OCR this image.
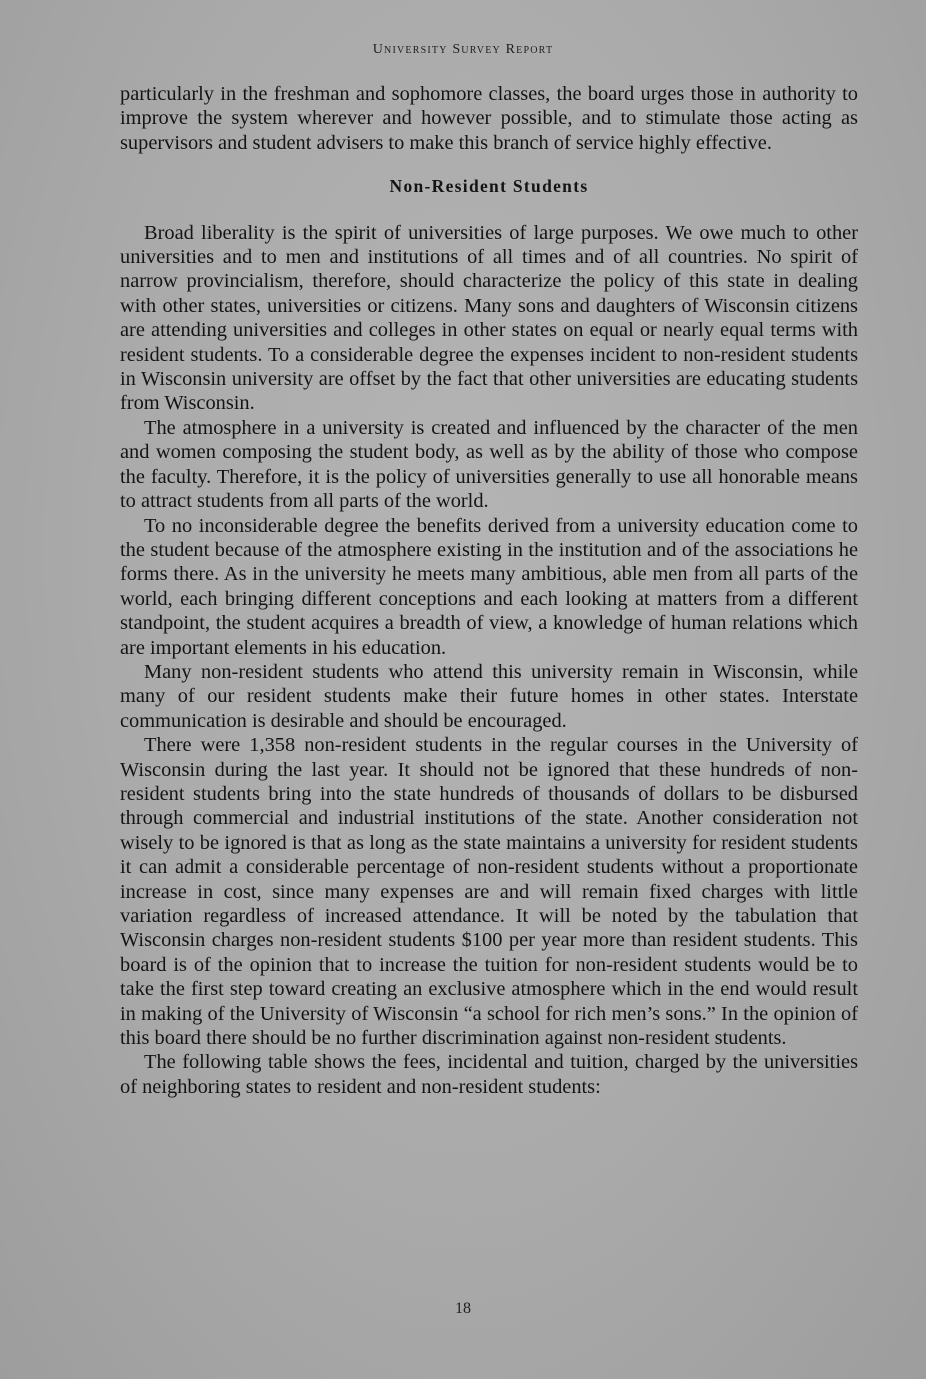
University Survey Report

particularly in the freshman and sophomore classes, the board urges those in authority to improve the system wherever and however possible, and to stimulate those acting as supervisors and student advisers to make this branch of service highly effective.

Non-Resident Students

Broad liberality is the spirit of universities of large purposes. We owe much to other universities and to men and institutions of all times and of all countries. No spirit of narrow provincialism, therefore, should characterize the policy of this state in dealing with other states, universities or citizens. Many sons and daughters of Wisconsin citizens are attending universities and colleges in other states on equal or nearly equal terms with resident students. To a considerable degree the expenses incident to non-resident students in Wisconsin university are offset by the fact that other universities are educating students from Wisconsin.

The atmosphere in a university is created and influenced by the character of the men and women composing the student body, as well as by the ability of those who compose the faculty. Therefore, it is the policy of universities generally to use all honorable means to attract students from all parts of the world.

To no inconsiderable degree the benefits derived from a university education come to the student because of the atmosphere existing in the institution and of the associations he forms there. As in the university he meets many ambitious, able men from all parts of the world, each bringing different conceptions and each looking at matters from a different standpoint, the student acquires a breadth of view, a knowledge of human relations which are important elements in his education.

Many non-resident students who attend this university remain in Wisconsin, while many of our resident students make their future homes in other states. Interstate communication is desirable and should be encouraged.

There were 1,358 non-resident students in the regular courses in the University of Wisconsin during the last year. It should not be ignored that these hundreds of non-resident students bring into the state hundreds of thousands of dollars to be disbursed through commercial and industrial institutions of the state. Another consideration not wisely to be ignored is that as long as the state maintains a university for resident students it can admit a considerable percentage of non-resident students without a proportionate increase in cost, since many expenses are and will remain fixed charges with little variation regardless of increased attendance. It will be noted by the tabulation that Wisconsin charges non-resident students $100 per year more than resident students. This board is of the opinion that to increase the tuition for non-resident students would be to take the first step toward creating an exclusive atmosphere which in the end would result in making of the University of Wisconsin “a school for rich men’s sons.” In the opinion of this board there should be no further discrimination against non-resident students.

The following table shows the fees, incidental and tuition, charged by the universities of neighboring states to resident and non-resident students:

18
